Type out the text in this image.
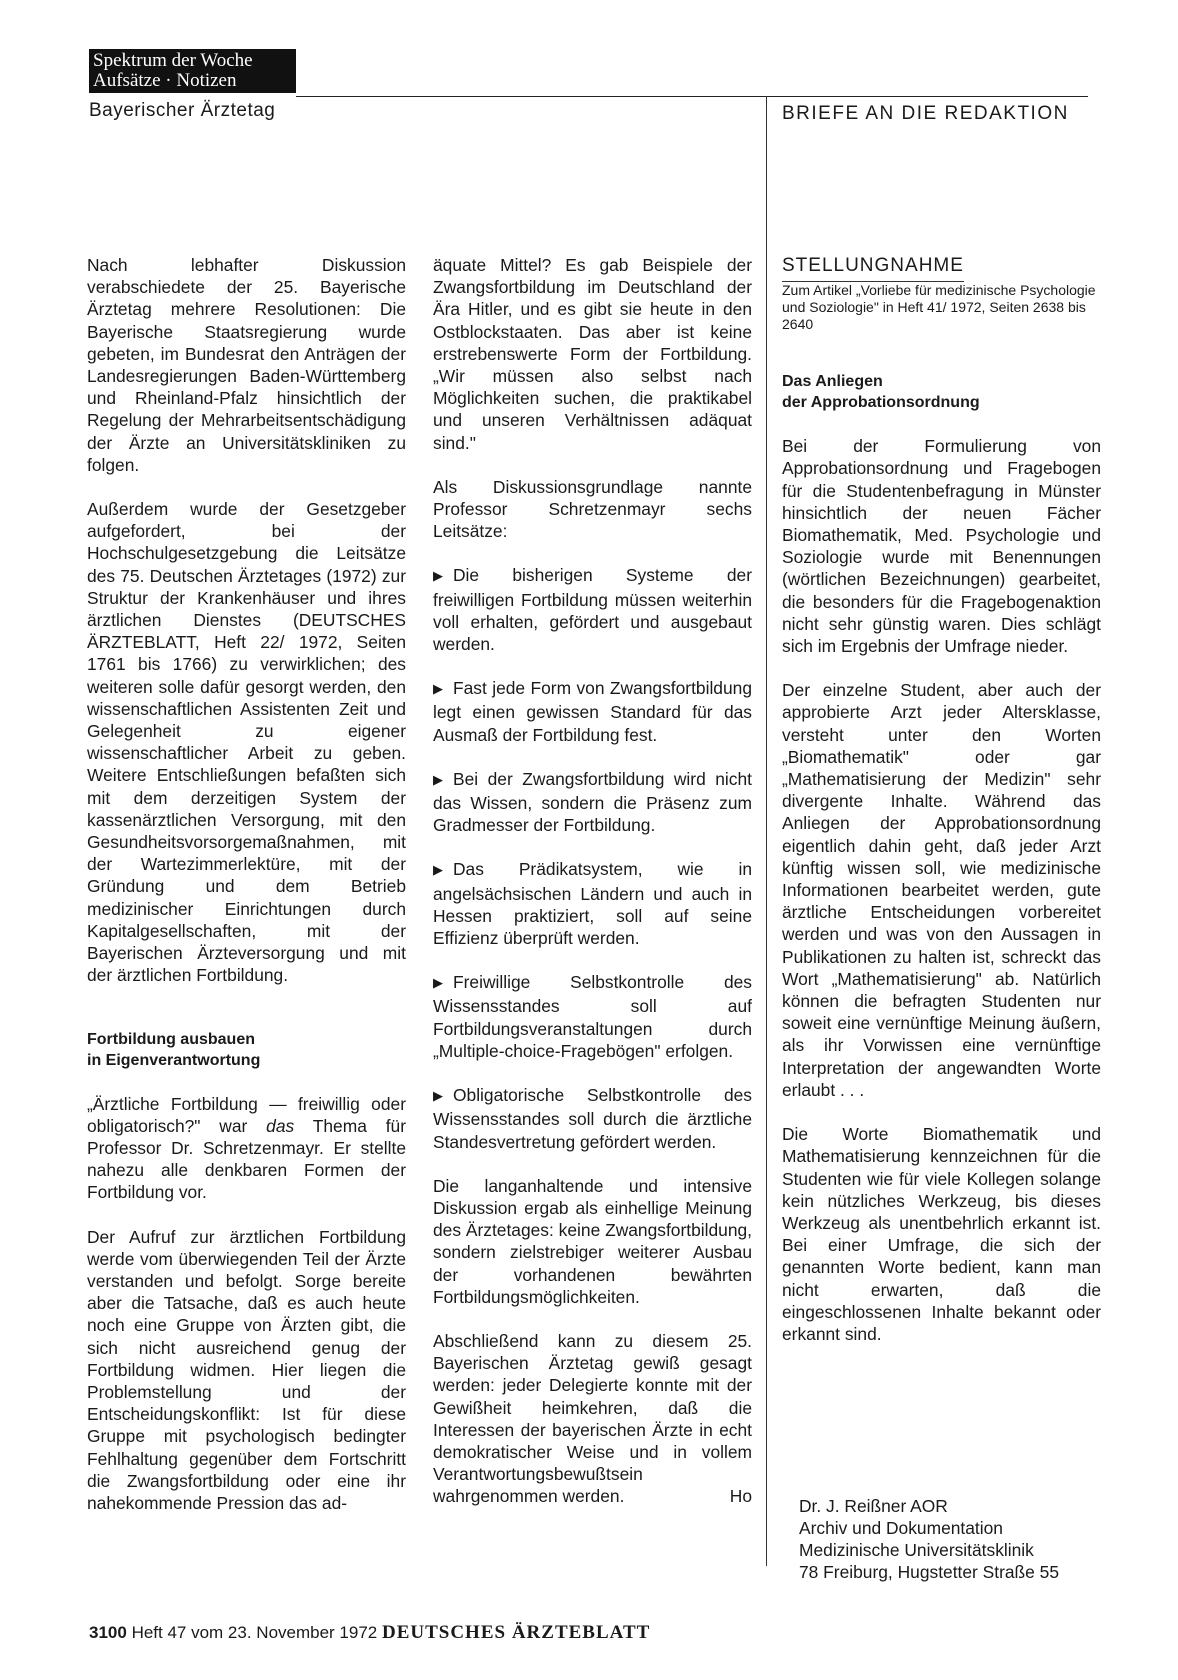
Spektrum der Woche
Aufsätze · Notizen
Bayerischer Ärztetag	BRIEFE AN DIE REDAKTION

Nach lebhafter Diskussion verabschiedete der 25. Bayerische Ärztetag mehrere Resolutionen: Die Bayerische Staatsregierung wurde gebeten, im Bundesrat den Anträgen der Landesregierungen Baden-Württemberg und Rheinland-Pfalz hinsichtlich der Regelung der Mehrarbeitsentschädigung der Ärzte an Universitätskliniken zu folgen.

Außerdem wurde der Gesetzgeber aufgefordert, bei der Hochschulgesetzgebung die Leitsätze des 75. Deutschen Ärztetages (1972) zur Struktur der Krankenhäuser und ihres ärztlichen Dienstes (DEUTSCHES ÄRZTEBLATT, Heft 22/ 1972, Seiten 1761 bis 1766) zu verwirklichen; des weiteren solle dafür gesorgt werden, den wissenschaftlichen Assistenten Zeit und Gelegenheit zu eigener wissenschaftlicher Arbeit zu geben. Weitere Entschließungen befaßten sich mit dem derzeitigen System der kassenärztlichen Versorgung, mit den Gesundheitsvorsorgemaßnahmen, mit der Wartezimmerlektüre, mit der Gründung und dem Betrieb medizinischer Einrichtungen durch Kapitalgesellschaften, mit der Bayerischen Ärzteversorgung und mit der ärztlichen Fortbildung.

Fortbildung ausbauen
in Eigenverantwortung

„Ärztliche Fortbildung — freiwillig oder obligatorisch?" war das Thema für Professor Dr. Schretzenmayr. Er stellte nahezu alle denkbaren Formen der Fortbildung vor.

Der Aufruf zur ärztlichen Fortbildung werde vom überwiegenden Teil der Ärzte verstanden und befolgt. Sorge bereite aber die Tatsache, daß es auch heute noch eine Gruppe von Ärzten gibt, die sich nicht ausreichend genug der Fortbildung widmen. Hier liegen die Problemstellung und der Entscheidungskonflikt: Ist für diese Gruppe mit psychologisch bedingter Fehlhaltung gegenüber dem Fortschritt die Zwangsfortbildung oder eine ihr nahekommende Pression das ad-

äquate Mittel? Es gab Beispiele der Zwangsfortbildung im Deutschland der Ära Hitler, und es gibt sie heute in den Ostblockstaaten. Das aber ist keine erstrebenswerte Form der Fortbildung. „Wir müssen also selbst nach Möglichkeiten suchen, die praktikabel und unseren Verhältnissen adäquat sind."

Als Diskussionsgrundlage nannte Professor Schretzenmayr sechs Leitsätze:

▶ Die bisherigen Systeme der freiwilligen Fortbildung müssen weiterhin voll erhalten, gefördert und ausgebaut werden.
▶ Fast jede Form von Zwangsfortbildung legt einen gewissen Standard für das Ausmaß der Fortbildung fest.
▶ Bei der Zwangsfortbildung wird nicht das Wissen, sondern die Präsenz zum Gradmesser der Fortbildung.
▶ Das Prädikatsystem, wie in angelsächsischen Ländern und auch in Hessen praktiziert, soll auf seine Effizienz überprüft werden.
▶ Freiwillige Selbstkontrolle des Wissensstandes soll auf Fortbildungsveranstaltungen durch „Multiple-choice-Fragebögen" erfolgen.
▶ Obligatorische Selbstkontrolle des Wissensstandes soll durch die ärztliche Standesvertretung gefördert werden.

Die langanhaltende und intensive Diskussion ergab als einhellige Meinung des Ärztetages: keine Zwangsfortbildung, sondern zielstrebiger weiterer Ausbau der vorhandenen bewährten Fortbildungsmöglichkeiten.

Abschließend kann zu diesem 25. Bayerischen Ärztetag gewiß gesagt werden: jeder Delegierte konnte mit der Gewißheit heimkehren, daß die Interessen der bayerischen Ärzte in echt demokratischer Weise und in vollem Verantwortungsbewußtsein wahrgenommen werden.	Ho

STELLUNGNAHME

Zum Artikel „Vorliebe für medizinische Psychologie und Soziologie" in Heft 41/ 1972, Seiten 2638 bis 2640

Das Anliegen
der Approbationsordnung

Bei der Formulierung von Approbationsordnung und Fragebogen für die Studentenbefragung in Münster hinsichtlich der neuen Fächer Biomathematik, Med. Psychologie und Soziologie wurde mit Benennungen (wörtlichen Bezeichnungen) gearbeitet, die besonders für die Fragebogenaktion nicht sehr günstig waren. Dies schlägt sich im Ergebnis der Umfrage nieder.

Der einzelne Student, aber auch der approbierte Arzt jeder Altersklasse, versteht unter den Worten „Biomathematik" oder gar „Mathematisierung der Medizin" sehr divergente Inhalte. Während das Anliegen der Approbationsordnung eigentlich dahin geht, daß jeder Arzt künftig wissen soll, wie medizinische Informationen bearbeitet werden, gute ärztliche Entscheidungen vorbereitet werden und was von den Aussagen in Publikationen zu halten ist, schreckt das Wort „Mathematisierung" ab. Natürlich können die befragten Studenten nur soweit eine vernünftige Meinung äußern, als ihr Vorwissen eine vernünftige Interpretation der angewandten Worte erlaubt . . .

Die Worte Biomathematik und Mathematisierung kennzeichnen für die Studenten wie für viele Kollegen solange kein nützliches Werkzeug, bis dieses Werkzeug als unentbehrlich erkannt ist. Bei einer Umfrage, die sich der genannten Worte bedient, kann man nicht erwarten, daß die eingeschlossenen Inhalte bekannt oder erkannt sind.

Dr. J. Reißner AOR
Archiv und Dokumentation
Medizinische Universitätsklinik
78 Freiburg, Hugstetter Straße 55
3100 Heft 47 vom 23. November 1972 DEUTSCHES ÄRZTEBLATT
